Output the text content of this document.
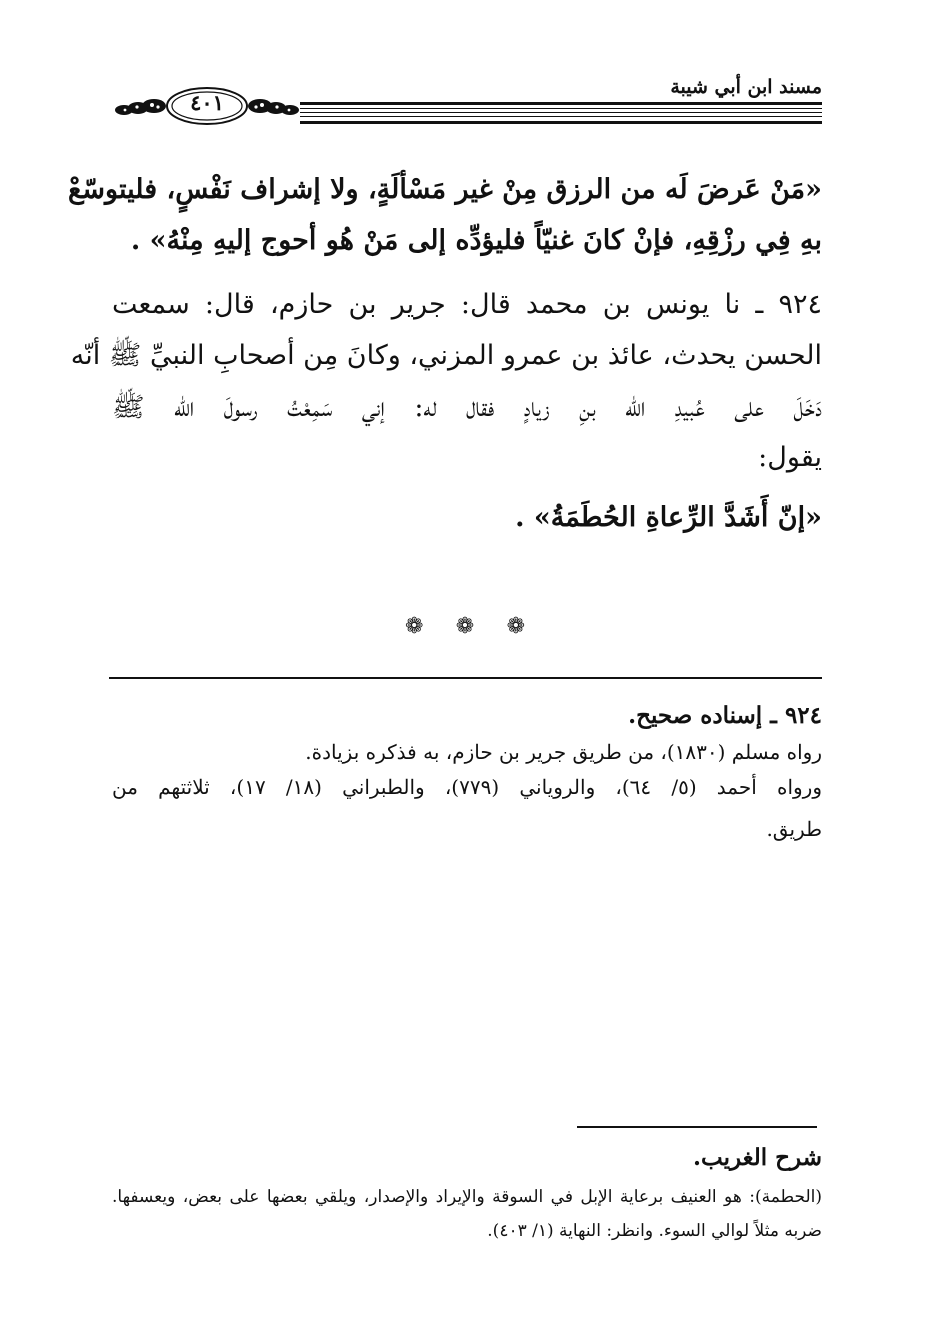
مسند ابن أبي شيبة
٤٠١
«مَنْ عَرضَ لَه من الرزق مِنْ غير مَسْألَةٍ، ولا إشراف نَفْسٍ، فليتوسّعْ
بهِ فِي رزْقِهِ، فإنْ كانَ غنيّاً فليؤدِّه إلى مَنْ هُو أحوج إليهِ مِنْهُ» .
٩٢٤ ـ نا يونس بن محمد قال: جرير بن حازم، قال: سمعت
الحسن يحدث، عائذ بن عمرو المزني، وكانَ مِن أصحابِ النبيِّ ﷺ أنّه
دَخَلَ على عُبيدِ الله بنِ زيادٍ فقال له: إني سَمِعْتُ رسولَ الله ﷺ
يقول:
«إنّ أَشَدَّ الرِّعاةِ الحُطَمَةُ» .
❁ ❁ ❁
٩٢٤ ـ إسناده صحيح.
رواه مسلم (١٨٣٠)، من طريق جرير بن حازم، به فذكره بزيادة.
ورواه أحمد (٥/ ٦٤)، والروياني (٧٧٩)، والطبراني (١٨/ ١٧)، ثلاثتهم من
طريق.
شرح الغريب.
(الحطمة): هو العنيف برعاية الإبل في السوقة والإيراد والإصدار، ويلقي بعضها على بعض، ويعسفها.
ضربه مثلاً لوالي السوء. وانظر: النهاية (١/ ٤٠٣).
